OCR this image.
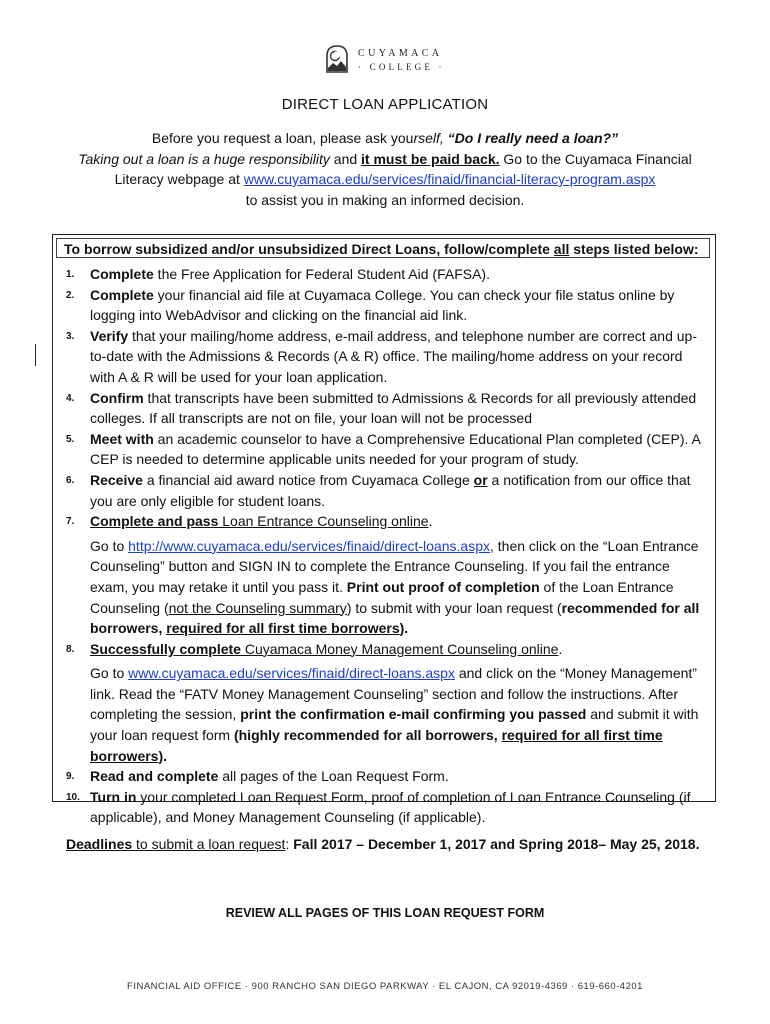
CUYAMACA
· COLLEGE ·
DIRECT LOAN APPLICATION
Before you request a loan, please ask yourself, “Do I really need a loan?”
Taking out a loan is a huge responsibility and it must be paid back. Go to the Cuyamaca Financial
Literacy webpage at www.cuyamaca.edu/services/finaid/financial-literacy-program.aspx
to assist you in making an informed decision.
To borrow subsidized and/or unsubsidized Direct Loans, follow/complete all steps listed below:
1. Complete the Free Application for Federal Student Aid (FAFSA).
2. Complete your financial aid file at Cuyamaca College. You can check your file status online by logging into WebAdvisor and clicking on the financial aid link.
3. Verify that your mailing/home address, e-mail address, and telephone number are correct and up-to-date with the Admissions & Records (A & R) office. The mailing/home address on your record with A & R will be used for your loan application.
4. Confirm that transcripts have been submitted to Admissions & Records for all previously attended colleges. If all transcripts are not on file, your loan will not be processed
5. Meet with an academic counselor to have a Comprehensive Educational Plan completed (CEP). A CEP is needed to determine applicable units needed for your program of study.
6. Receive a financial aid award notice from Cuyamaca College or a notification from our office that you are only eligible for student loans.
7. Complete and pass Loan Entrance Counseling online.
Go to http://www.cuyamaca.edu/services/finaid/direct-loans.aspx, then click on the “Loan Entrance Counseling” button and SIGN IN to complete the Entrance Counseling. If you fail the entrance exam, you may retake it until you pass it. Print out proof of completion of the Loan Entrance Counseling (not the Counseling summary) to submit with your loan request (recommended for all borrowers, required for all first time borrowers).
8. Successfully complete Cuyamaca Money Management Counseling online.
Go to www.cuyamaca.edu/services/finaid/direct-loans.aspx and click on the “Money Management” link. Read the “FATV Money Management Counseling” section and follow the instructions. After completing the session, print the confirmation e-mail confirming you passed and submit it with your loan request form (highly recommended for all borrowers, required for all first time borrowers).
9. Read and complete all pages of the Loan Request Form.
10. Turn in your completed Loan Request Form, proof of completion of Loan Entrance Counseling (if applicable), and Money Management Counseling (if applicable).
Deadlines to submit a loan request: Fall 2017 – December 1, 2017 and Spring 2018– May 25, 2018.
REVIEW ALL PAGES OF THIS LOAN REQUEST FORM
FINANCIAL AID OFFICE · 900 RANCHO SAN DIEGO PARKWAY · EL CAJON, CA 92019-4369 · 619-660-4201
